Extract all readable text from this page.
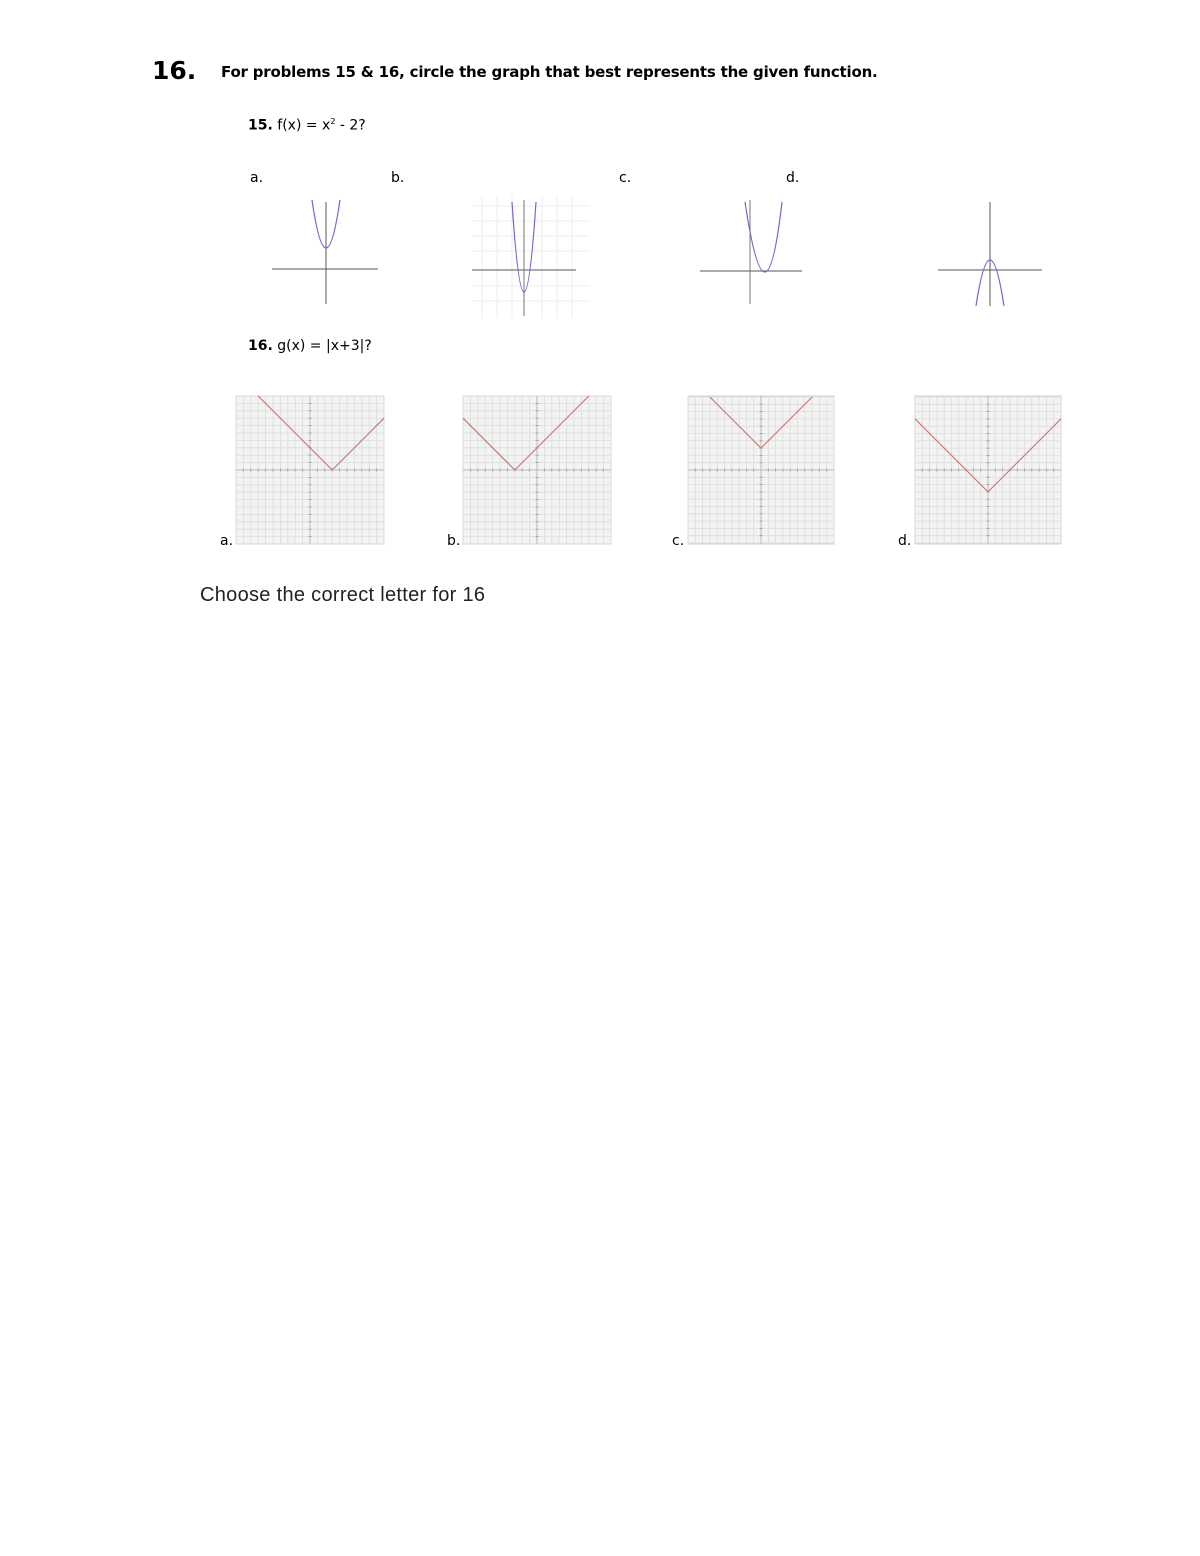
16. For problems 15 & 16, circle the graph that best represents the given function.
15. $f(x) = x^2 - 2$?
a.	b.	c.	d.
16. g(x) = |x+3|?
a.	b.	c.	d.
Choose the correct letter for 16
